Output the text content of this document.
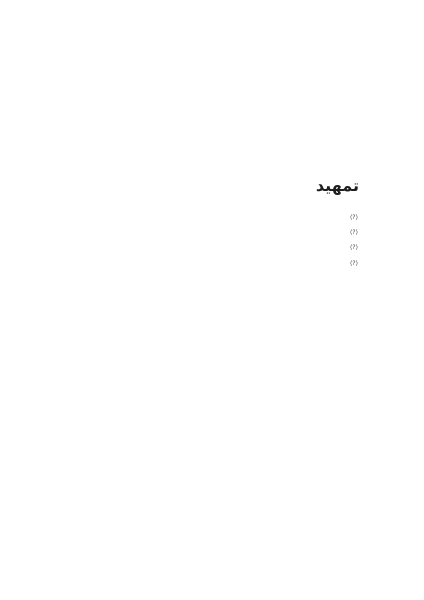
تمهيد

⟨?⟩

⟨?⟩

⟨?⟩

⟨?⟩
